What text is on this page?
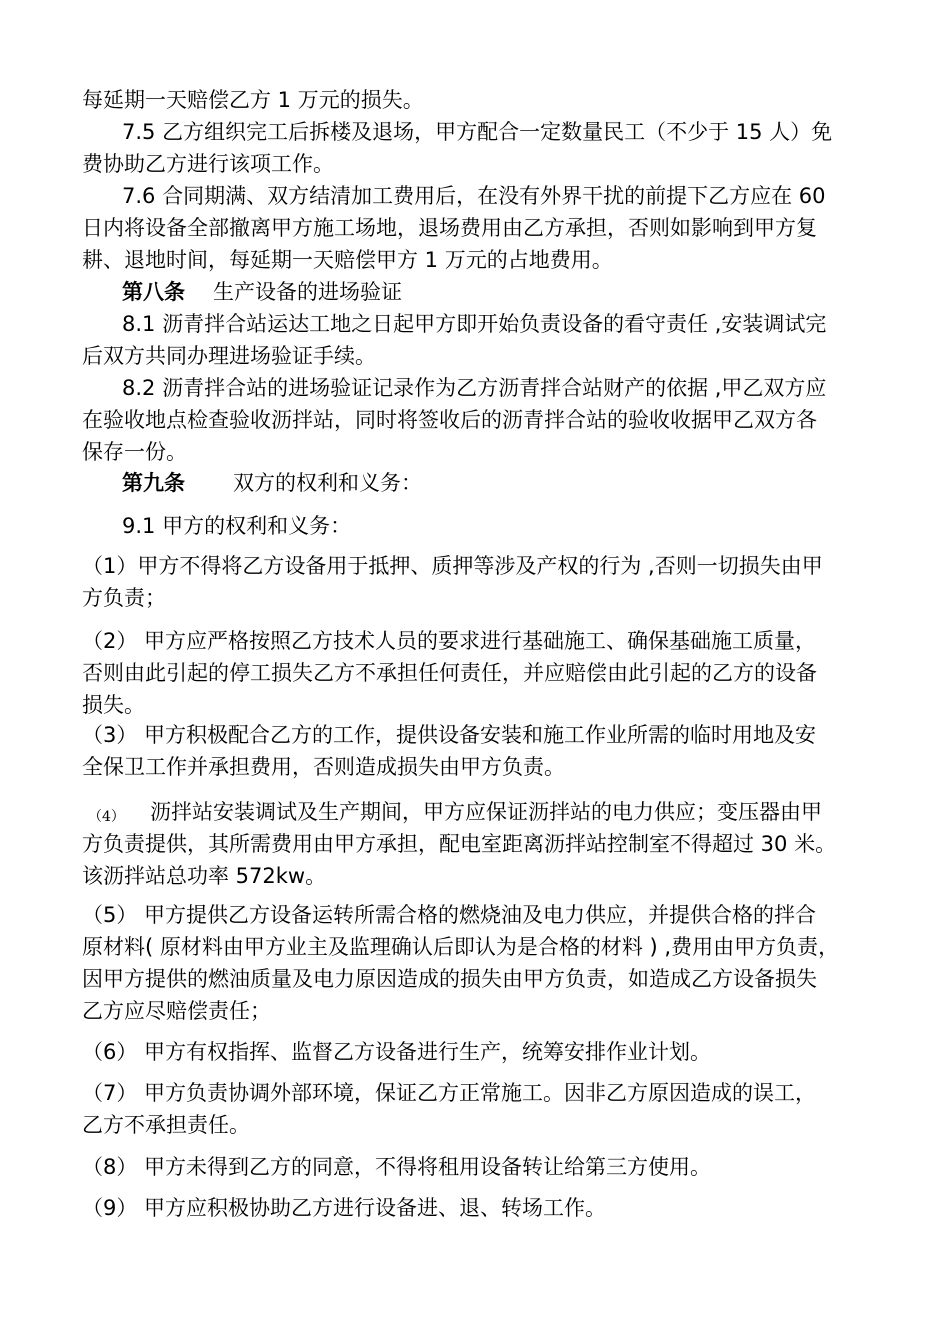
每延期一天赔偿乙方 1 万元的损失。
7.5 乙方组织完工后拆楼及退场，甲方配合一定数量民工（不少于 15 人）免
费协助乙方进行该项工作。
7.6 合同期满、双方结清加工费用后，在没有外界干扰的前提下乙方应在 60
日内将设备全部撤离甲方施工场地，退场费用由乙方承担，否则如影响到甲方复
耕、退地时间，每延期一天赔偿甲方 1 万元的占地费用。
第八条 生产设备的进场验证
8.1 沥青拌合站运达工地之日起甲方即开始负责设备的看守责任 ,安装调试完
后双方共同办理进场验证手续。
8.2 沥青拌合站的进场验证记录作为乙方沥青拌合站财产的依据 ,甲乙双方应
在验收地点检查验收沥拌站，同时将签收后的沥青拌合站的验收收据甲乙双方各
保存一份。
第九条 双方的权利和义务：
9.1 甲方的权利和义务：
（1）甲方不得将乙方设备用于抵押、质押等涉及产权的行为 ,否则一切损失由甲
方负责；
（2） 甲方应严格按照乙方技术人员的要求进行基础施工、确保基础施工质量，
否则由此引起的停工损失乙方不承担任何责任，并应赔偿由此引起的乙方的设备
损失。
（3） 甲方积极配合乙方的工作，提供设备安装和施工作业所需的临时用地及安
全保卫工作并承担费用，否则造成损失由甲方负责。
（4） 沥拌站安装调试及生产期间，甲方应保证沥拌站的电力供应；变压器由甲
方负责提供，其所需费用由甲方承担，配电室距离沥拌站控制室不得超过 30 米。
该沥拌站总功率 572kw。
（5） 甲方提供乙方设备运转所需合格的燃烧油及电力供应，并提供合格的拌合
原材料( 原材料由甲方业主及监理确认后即认为是合格的材料 ) ,费用由甲方负责，
因甲方提供的燃油质量及电力原因造成的损失由甲方负责，如造成乙方设备损失
乙方应尽赔偿责任；
（6） 甲方有权指挥、监督乙方设备进行生产，统筹安排作业计划。
（7） 甲方负责协调外部环境，保证乙方正常施工。因非乙方原因造成的误工，
乙方不承担责任。
（8） 甲方未得到乙方的同意，不得将租用设备转让给第三方使用。
（9） 甲方应积极协助乙方进行设备进、退、转场工作。
